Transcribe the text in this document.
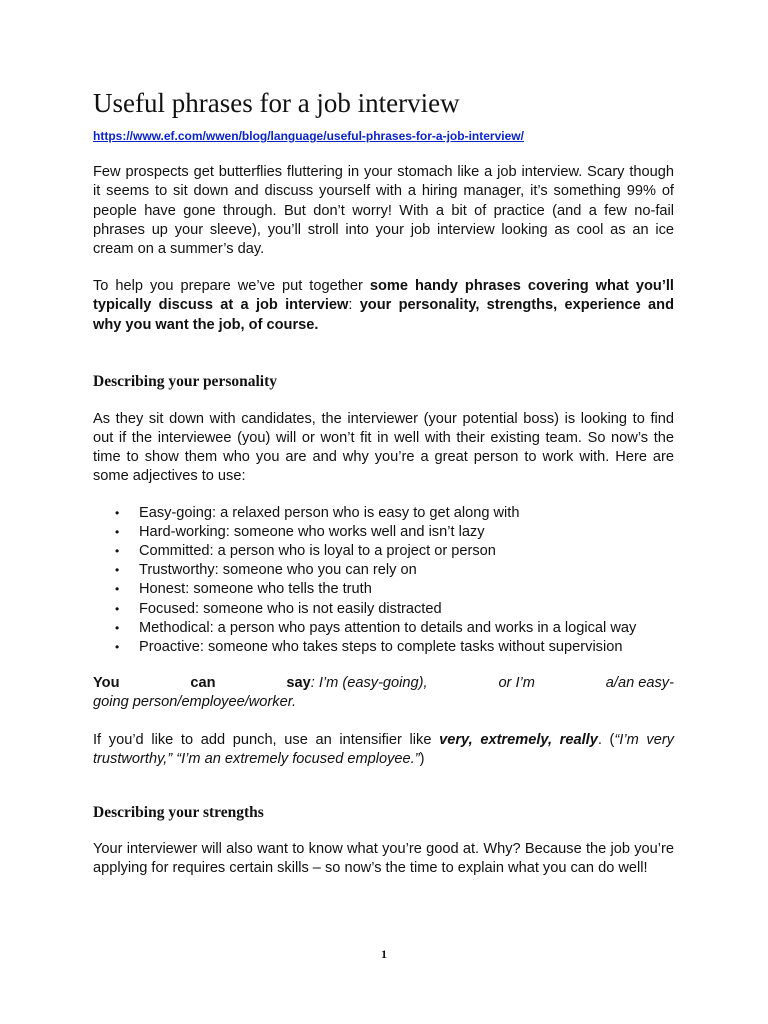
Useful phrases for a job interview
https://www.ef.com/wwen/blog/language/useful-phrases-for-a-job-interview/

Few prospects get butterflies fluttering in your stomach like a job interview. Scary though it seems to sit down and discuss yourself with a hiring manager, it’s something 99% of people have gone through. But don’t worry! With a bit of practice (and a few no-fail phrases up your sleeve), you’ll stroll into your job interview looking as cool as an ice cream on a summer’s day.

To help you prepare we’ve put together some handy phrases covering what you’ll typically discuss at a job interview: your personality, strengths, experience and why you want the job, of course.

Describing your personality

As they sit down with candidates, the interviewer (your potential boss) is looking to find out if the interviewee (you) will or won’t fit in well with their existing team. So now’s the time to show them who you are and why you’re a great person to work with. Here are some adjectives to use:

• Easy-going: a relaxed person who is easy to get along with
• Hard-working: someone who works well and isn’t lazy
• Committed: a person who is loyal to a project or person
• Trustworthy: someone who you can rely on
• Honest: someone who tells the truth
• Focused: someone who is not easily distracted
• Methodical: a person who pays attention to details and works in a logical way
• Proactive: someone who takes steps to complete tasks without supervision
You	can	say: I’m (easy-going),	or I’m	a/an easy-
going person/employee/worker.

If you’d like to add punch, use an intensifier like very, extremely, really. (“I’m very trustworthy,” “I’m an extremely focused employee.”)

Describing your strengths

Your interviewer will also want to know what you’re good at. Why? Because the job you’re applying for requires certain skills – so now’s the time to explain what you can do well!

1
